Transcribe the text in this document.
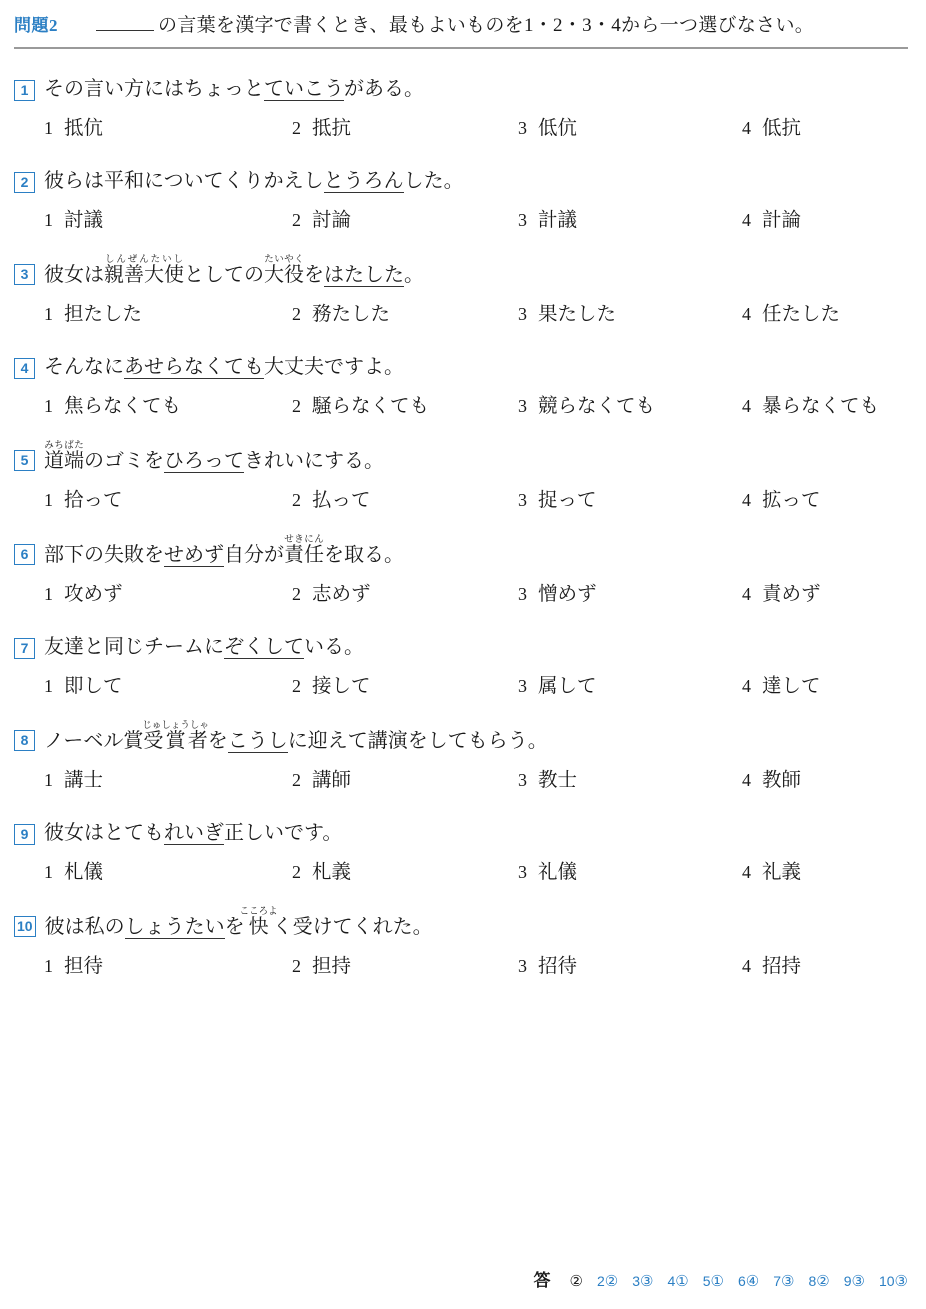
問題2	の言葉を漢字で書くとき、最もよいものを1・2・3・4から一つ選びなさい。
1 その言い方にはちょっとていこうがある。
1 抵伉	2 抵抗	3 低伉	4 低抗
2 彼らは平和についてくりかえしとうろんした。
1 討議	2 討論	3 計議	4 計論
3 彼女は親善大使しんぜんたいしとしての大役たいやくをはたした。
1 担たした	2 務たした	3 果たした	4 任たした
4 そんなにあせらなくても大丈夫ですよ。
1 焦らなくても	2 騒らなくても	3 競らなくても	4 暴らなくても
5 道端みちばたのゴミをひろってきれいにする。
1 拾って	2 払って	3 捉って	4 拡って
6 部下の失敗をせめず自分が責任せきにんを取る。
1 攻めず	2 志めず	3 憎めず	4 責めず
7 友達と同じチームにぞくしている。
1 即して	2 接して	3 属して	4 達して
8 ノーベル賞受賞者じゅしょうしゃをこうしに迎えて講演をしてもらう。
1 講士	2 講師	3 教士	4 教師
9 彼女はとてもれいぎ正しいです。
1 札儀	2 札義	3 礼儀	4 礼義
10 彼は私のしょうたいを快こころよく受けてくれた。
1 担待	2 担持	3 招待	4 招持
答 ② 2② 3③ 4① 5① 6④ 7③ 8② 9③ 10③
